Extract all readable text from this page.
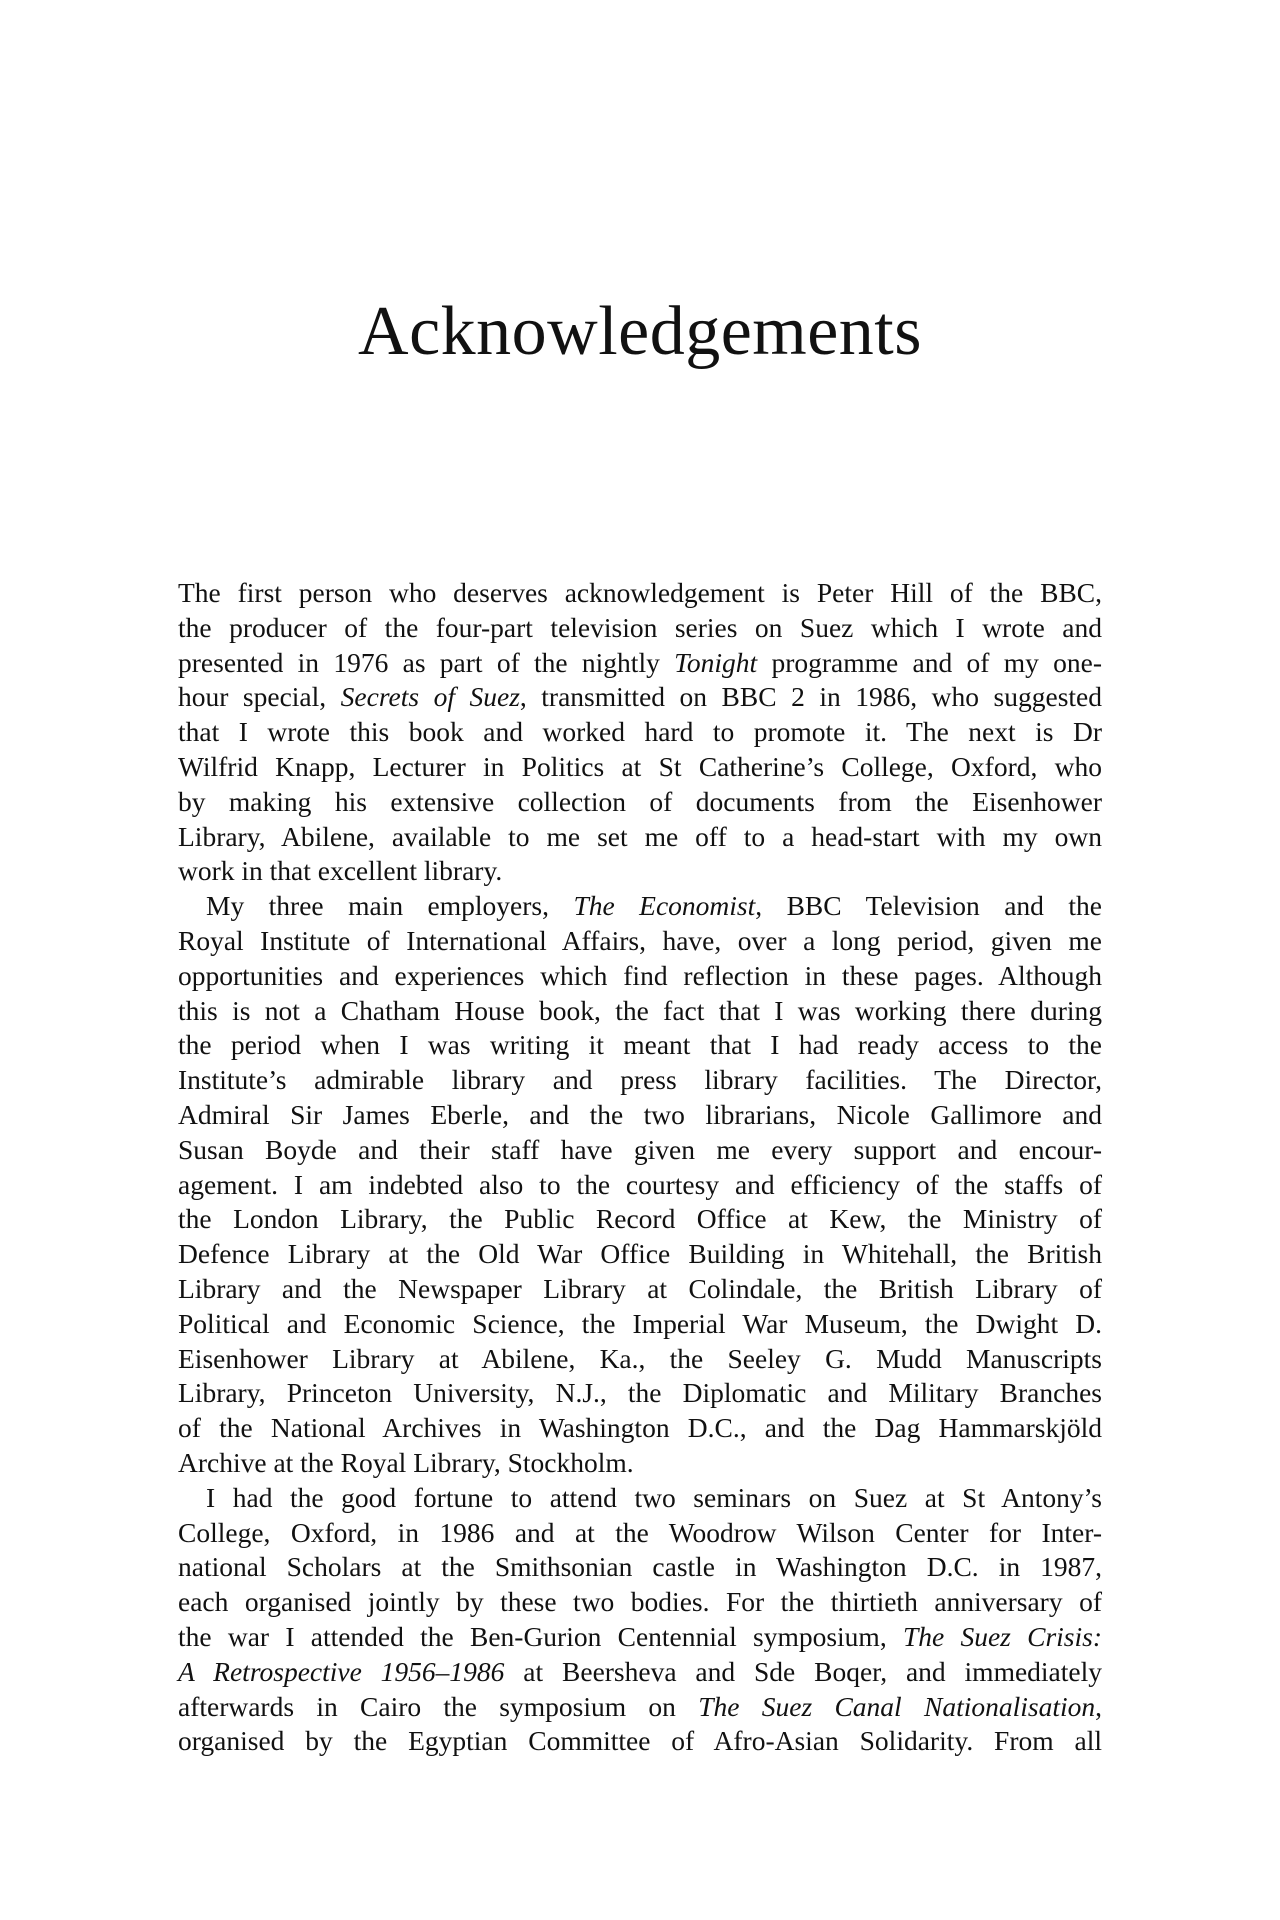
Acknowledgements
The first person who deserves acknowledgement is Peter Hill of the BBC,
the producer of the four-part television series on Suez which I wrote and
presented in 1976 as part of the nightly Tonight programme and of my one-
hour special, Secrets of Suez, transmitted on BBC 2 in 1986, who suggested
that I wrote this book and worked hard to promote it. The next is Dr
Wilfrid Knapp, Lecturer in Politics at St Catherine’s College, Oxford, who
by making his extensive collection of documents from the Eisenhower
Library, Abilene, available to me set me off to a head-start with my own
work in that excellent library.
My three main employers, The Economist, BBC Television and the
Royal Institute of International Affairs, have, over a long period, given me
opportunities and experiences which find reflection in these pages. Although
this is not a Chatham House book, the fact that I was working there during
the period when I was writing it meant that I had ready access to the
Institute’s admirable library and press library facilities. The Director,
Admiral Sir James Eberle, and the two librarians, Nicole Gallimore and
Susan Boyde and their staff have given me every support and encour-
agement. I am indebted also to the courtesy and efficiency of the staffs of
the London Library, the Public Record Office at Kew, the Ministry of
Defence Library at the Old War Office Building in Whitehall, the British
Library and the Newspaper Library at Colindale, the British Library of
Political and Economic Science, the Imperial War Museum, the Dwight D.
Eisenhower Library at Abilene, Ka., the Seeley G. Mudd Manuscripts
Library, Princeton University, N.J., the Diplomatic and Military Branches
of the National Archives in Washington D.C., and the Dag Hammarskjöld
Archive at the Royal Library, Stockholm.
I had the good fortune to attend two seminars on Suez at St Antony’s
College, Oxford, in 1986 and at the Woodrow Wilson Center for Inter-
national Scholars at the Smithsonian castle in Washington D.C. in 1987,
each organised jointly by these two bodies. For the thirtieth anniversary of
the war I attended the Ben-Gurion Centennial symposium, The Suez Crisis:
A Retrospective 1956–1986 at Beersheva and Sde Boqer, and immediately
afterwards in Cairo the symposium on The Suez Canal Nationalisation,
organised by the Egyptian Committee of Afro-Asian Solidarity. From all
